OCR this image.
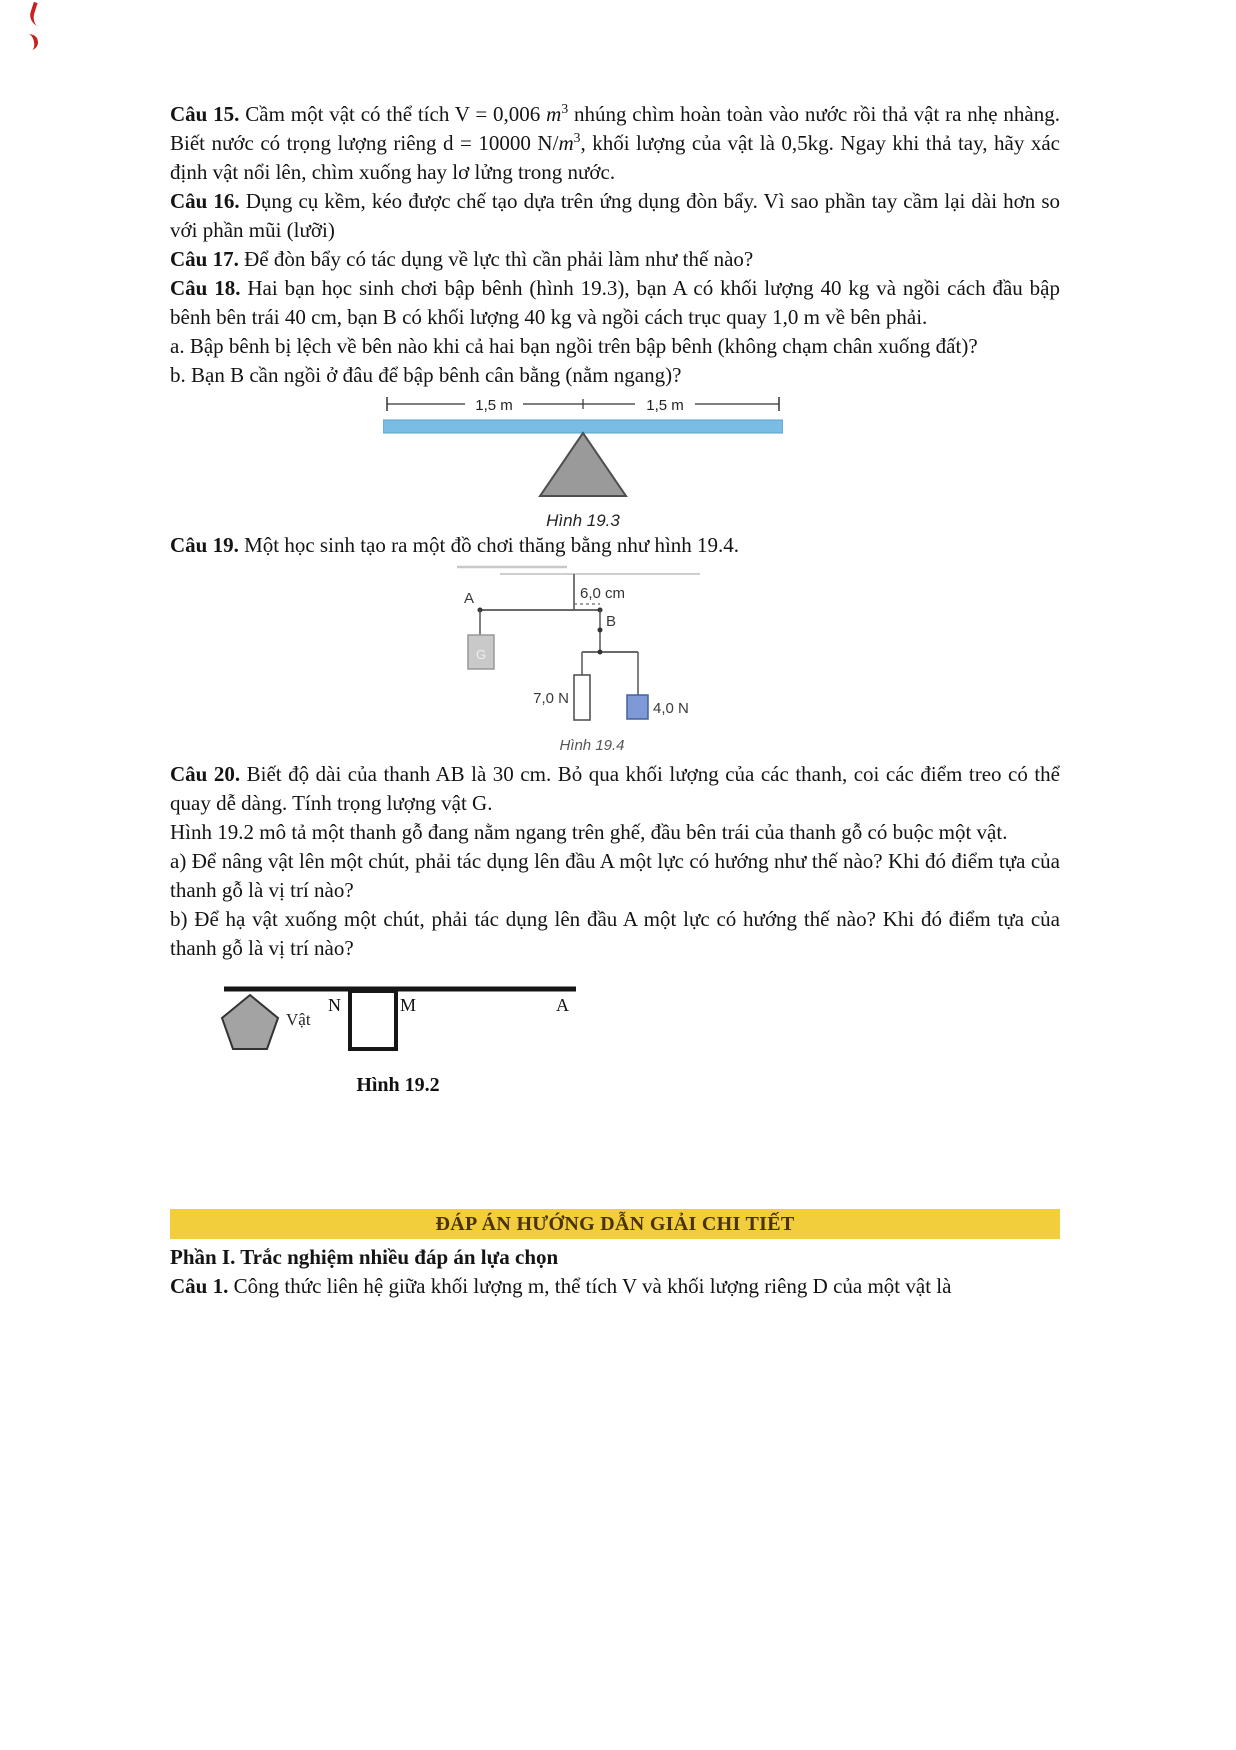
Câu 15. Cầm một vật có thể tích V = 0,006 $m^3$ nhúng chìm hoàn toàn vào nước rồi thả vật ra nhẹ nhàng. Biết nước có trọng lượng riêng d = 10000 $N/m^3$, khối lượng của vật là 0,5kg. Ngay khi thả tay, hãy xác định vật nổi lên, chìm xuống hay lơ lửng trong nước.

Câu 16. Dụng cụ kềm, kéo được chế tạo dựa trên ứng dụng đòn bẩy. Vì sao phần tay cầm lại dài hơn so với phần mũi (lưỡi)

Câu 17. Để đòn bẩy có tác dụng về lực thì cần phải làm như thế nào?

Câu 18. Hai bạn học sinh chơi bập bênh (hình 19.3), bạn A có khối lượng 40 kg và ngồi cách đầu bập bênh bên trái 40 cm, bạn B có khối lượng 40 kg và ngồi cách trục quay 1,0 m về bên phải.

a. Bập bênh bị lệch về bên nào khi cả hai bạn ngồi trên bập bênh (không chạm chân xuống đất)?

b. Bạn B cần ngồi ở đâu để bập bênh cân bằng (nằm ngang)?

1,5 m	1,5 m
Hình 19.3

Câu 19. Một học sinh tạo ra một đồ chơi thăng bằng như hình 19.4.

6,0 cm
A
B
G
7,0 N
4,0 N
Hình 19.4

Câu 20. Biết độ dài của thanh AB là 30 cm. Bỏ qua khối lượng của các thanh, coi các điểm treo có thể quay dễ dàng. Tính trọng lượng vật G.

Hình 19.2 mô tả một thanh gỗ đang nằm ngang trên ghế, đầu bên trái của thanh gỗ có buộc một vật.

a) Để nâng vật lên một chút, phải tác dụng lên đầu A một lực có hướng như thế nào? Khi đó điểm tựa của thanh gỗ là vị trí nào?

b) Để hạ vật xuống một chút, phải tác dụng lên đầu A một lực có hướng thế nào? Khi đó điểm tựa của thanh gỗ là vị trí nào?

Vật
N	M	A
Hình 19.2
ĐÁP ÁN HƯỚNG DẪN GIẢI CHI TIẾT

Phần I. Trắc nghiệm nhiều đáp án lựa chọn

Câu 1. Công thức liên hệ giữa khối lượng m, thể tích V và khối lượng riêng D của một vật là
